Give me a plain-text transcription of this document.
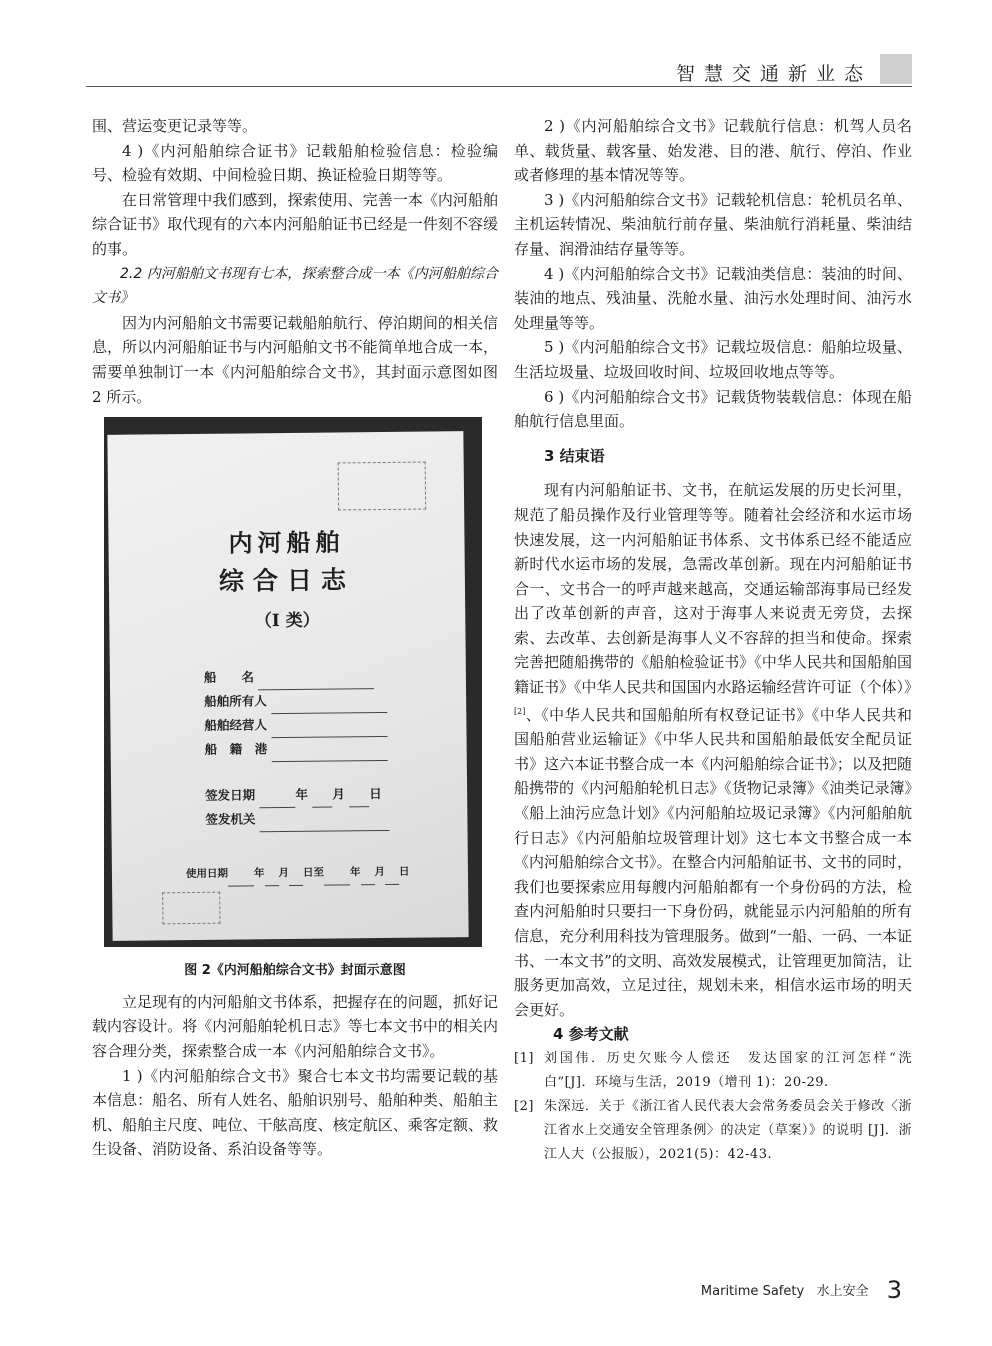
智慧交通新业态

围、营运变更记录等等。

4 )《内河船舶综合证书》记载船舶检验信息：检验编号、检验有效期、中间检验日期、换证检验日期等等。

在日常管理中我们感到，探索使用、完善一本《内河船舶综合证书》取代现有的六本内河船舶证书已经是一件刻不容缓的事。

2.2 内河船舶文书现有七本，探索整合成一本《内河船舶综合文书》

因为内河船舶文书需要记载船舶航行、停泊期间的相关信息，所以内河船舶证书与内河船舶文书不能简单地合成一本，需要单独制订一本《内河船舶综合文书》，其封面示意图如图 2 所示。

内河船舶
综合日志
（I 类）
船　　名
船舶所有人
船舶经营人
船　籍　港
签发日期	年 月 日
签发机关
使用日期 年 月 日至 年 月 日

图 2《内河船舶综合文书》封面示意图

立足现有的内河船舶文书体系，把握存在的问题，抓好记载内容设计。将《内河船舶轮机日志》等七本文书中的相关内容合理分类，探索整合成一本《内河船舶综合文书》。

1 )《内河船舶综合文书》聚合七本文书均需要记载的基本信息：船名、所有人姓名、船舶识别号、船舶种类、船舶主机、船舶主尺度、吨位、干舷高度、核定航区、乘客定额、救生设备、消防设备、系泊设备等等。

2 )《内河船舶综合文书》记载航行信息：机驾人员名单、载货量、载客量、始发港、目的港、航行、停泊、作业或者修理的基本情况等等。

3 )《内河船舶综合文书》记载轮机信息：轮机员名单、主机运转情况、柴油航行前存量、柴油航行消耗量、柴油结存量、润滑油结存量等等。

4 )《内河船舶综合文书》记载油类信息：装油的时间、装油的地点、残油量、洗舱水量、油污水处理时间、油污水处理量等等。

5 )《内河船舶综合文书》记载垃圾信息：船舶垃圾量、生活垃圾量、垃圾回收时间、垃圾回收地点等等。

6 )《内河船舶综合文书》记载货物装载信息：体现在船舶航行信息里面。

3 结束语

现有内河船舶证书、文书，在航运发展的历史长河里，规范了船员操作及行业管理等等。随着社会经济和水运市场快速发展，这一内河船舶证书体系、文书体系已经不能适应新时代水运市场的发展，急需改革创新。现在内河船舶证书合一、文书合一的呼声越来越高，交通运输部海事局已经发出了改革创新的声音，这对于海事人来说责无旁贷，去探索、去改革、去创新是海事人义不容辞的担当和使命。探索完善把随船携带的《船舶检验证书》《中华人民共和国船舶国籍证书》《中华人民共和国国内水路运输经营许可证（个体）》[2]、《中华人民共和国船舶所有权登记证书》《中华人民共和国船舶营业运输证》《中华人民共和国船舶最低安全配员证书》这六本证书整合成一本《内河船舶综合证书》；以及把随船携带的《内河船舶轮机日志》《货物记录簿》《油类记录簿》《船上油污应急计划》《内河船舶垃圾记录簿》《内河船舶航行日志》《内河船舶垃圾管理计划》这七本文书整合成一本《内河船舶综合文书》。在整合内河船舶证书、文书的同时，我们也要探索应用每艘内河船舶都有一个身份码的方法，检查内河船舶时只要扫一下身份码，就能显示内河船舶的所有信息，充分利用科技为管理服务。做到“一船、一码、一本证书、一本文书”的文明、高效发展模式，让管理更加简洁，让服务更加高效，立足过往，规划未来，相信水运市场的明天会更好。

4 参考文献

[1] 刘国伟．历史欠账今人偿还　发达国家的江河怎样“洗白”[J]．环境与生活，2019（增刊 1)：20-29.
[2] 朱深远．关于《浙江省人民代表大会常务委员会关于修改〈浙江省水上交通安全管理条例〉的决定（草案）》的说明 [J]．浙江人大（公报版），2021(5)：42-43.
Maritime Safety 水上安全 3
